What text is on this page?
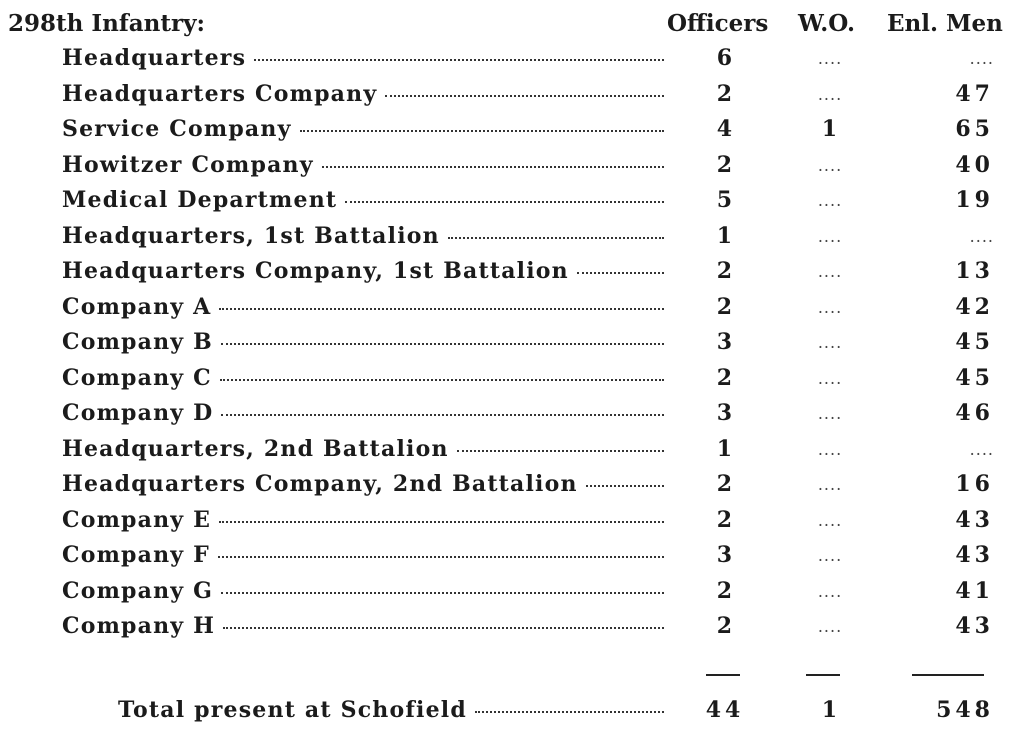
298th Infantry:	Officers W.O. Enl. Men
Headquarters	6	....	....
Headquarters Company	2	....	47
Service Company	4	1	65
Howitzer Company	2	....	40
Medical Department	5	....	19
Headquarters, 1st Battalion	1	....	....
Headquarters Company, 1st Battalion	2	....	13
Company A	2	....	42
Company B	3	....	45
Company C	2	....	45
Company D	3	....	46
Headquarters, 2nd Battalion	1	....	....
Headquarters Company, 2nd Battalion	2	....	16
Company E	2	....	43
Company F	3	....	43
Company G	2	....	41
Company H	2	....	43
Total present at Schofield	44	1	548
